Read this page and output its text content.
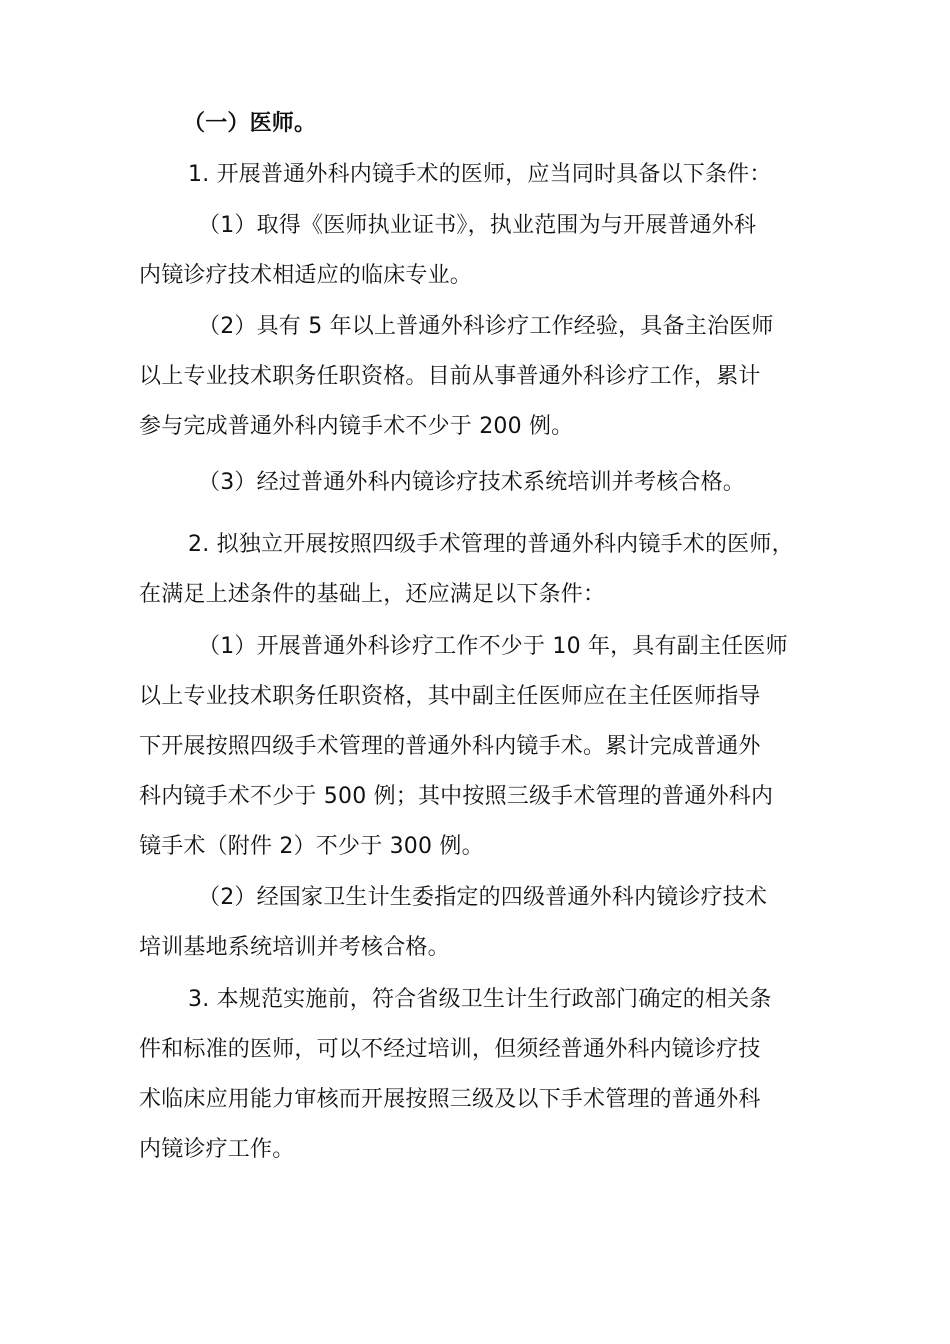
（一）医师。
1. 开展普通外科内镜手术的医师，应当同时具备以下条件：
（1）取得《医师执业证书》，执业范围为与开展普通外科
内镜诊疗技术相适应的临床专业。
（2）具有 5 年以上普通外科诊疗工作经验，具备主治医师
以上专业技术职务任职资格。目前从事普通外科诊疗工作，累计
参与完成普通外科内镜手术不少于 200 例。
（3）经过普通外科内镜诊疗技术系统培训并考核合格。
2. 拟独立开展按照四级手术管理的普通外科内镜手术的医师，
在满足上述条件的基础上，还应满足以下条件：
（1）开展普通外科诊疗工作不少于 10 年，具有副主任医师
以上专业技术职务任职资格，其中副主任医师应在主任医师指导
下开展按照四级手术管理的普通外科内镜手术。累计完成普通外
科内镜手术不少于 500 例；其中按照三级手术管理的普通外科内
镜手术（附件 2）不少于 300 例。
（2）经国家卫生计生委指定的四级普通外科内镜诊疗技术
培训基地系统培训并考核合格。
3. 本规范实施前，符合省级卫生计生行政部门确定的相关条
件和标准的医师，可以不经过培训，但须经普通外科内镜诊疗技
术临床应用能力审核而开展按照三级及以下手术管理的普通外科
内镜诊疗工作。
